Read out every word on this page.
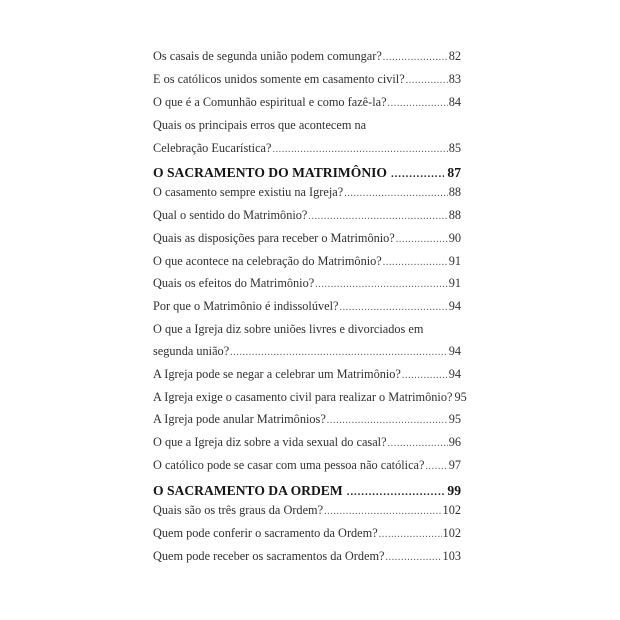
Os casais de segunda união podem comungar? .....	82
E os católicos unidos somente em casamento civil? .....	83
O que é a Comunhão espiritual e como fazê-la? .....	84
Quais os principais erros que acontecem na
Celebração Eucarística? .....	85
O SACRAMENTO DO MATRIMÔNIO .....	87
O casamento sempre existiu na Igreja? .....	88
Qual o sentido do Matrimônio? .....	88
Quais as disposições para receber o Matrimônio? .....	90
O que acontece na celebração do Matrimônio? .....	91
Quais os efeitos do Matrimônio? .....	91
Por que o Matrimônio é indissolúvel? .....	94
O que a Igreja diz sobre uniões livres e divorciados em
segunda união? .....	94
A Igreja pode se negar a celebrar um Matrimônio? .....	94
A Igreja exige o casamento civil para realizar o Matrimônio? 95
A Igreja pode anular Matrimônios? .....	95
O que a Igreja diz sobre a vida sexual do casal? .....	96
O católico pode se casar com uma pessoa não católica? ..... 97
O SACRAMENTO DA ORDEM .....	99
Quais são os três graus da Ordem? .....	102
Quem pode conferir o sacramento da Ordem? .....	102
Quem pode receber os sacramentos da Ordem? .....	103
